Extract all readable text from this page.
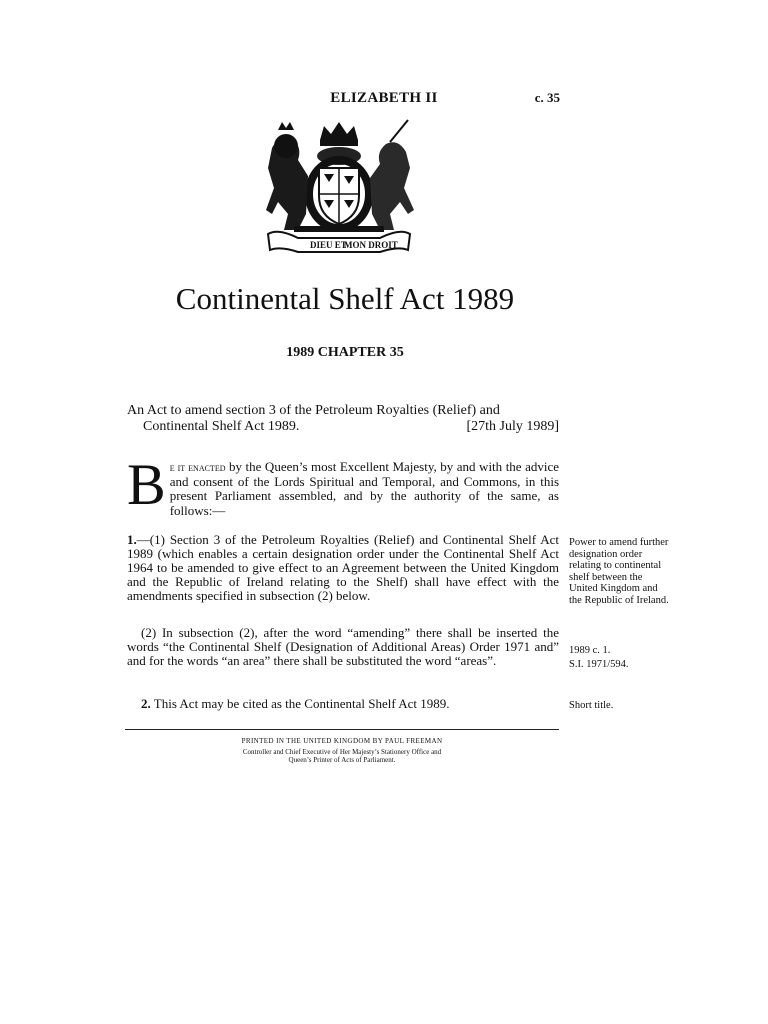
ELIZABETH II	c. 35
DIEU ET
MON DROIT
Continental Shelf Act 1989
1989 CHAPTER 35
An Act to amend section 3 of the Petroleum Royalties (Relief) and
Continental Shelf Act 1989.	[27th July 1989]
Be it enacted by the Queen’s most Excellent Majesty, by and with the advice and consent of the Lords Spiritual and Temporal, and Commons, in this present Parliament assembled, and by the authority of the same, as follows:—
1.—(1) Section 3 of the Petroleum Royalties (Relief) and Continental Shelf Act 1989 (which enables a certain designation order under the Continental Shelf Act 1964 to be amended to give effect to an Agreement between the United Kingdom and the Republic of Ireland relating to the Shelf) shall have effect with the amendments specified in subsection (2) below.
(2) In subsection (2), after the word “amending” there shall be inserted the words “the Continental Shelf (Designation of Additional Areas) Order 1971 and” and for the words “an area” there shall be substituted the word “areas”.
2. This Act may be cited as the Continental Shelf Act 1989.
Power to amend further designation order relating to continental shelf between the United Kingdom and the Republic of Ireland.
1989 c. 1.
S.I. 1971/594.
Short title.
PRINTED IN THE UNITED KINGDOM BY PAUL FREEMAN
Controller and Chief Executive of Her Majesty’s Stationery Office and
Queen’s Printer of Acts of Parliament.
